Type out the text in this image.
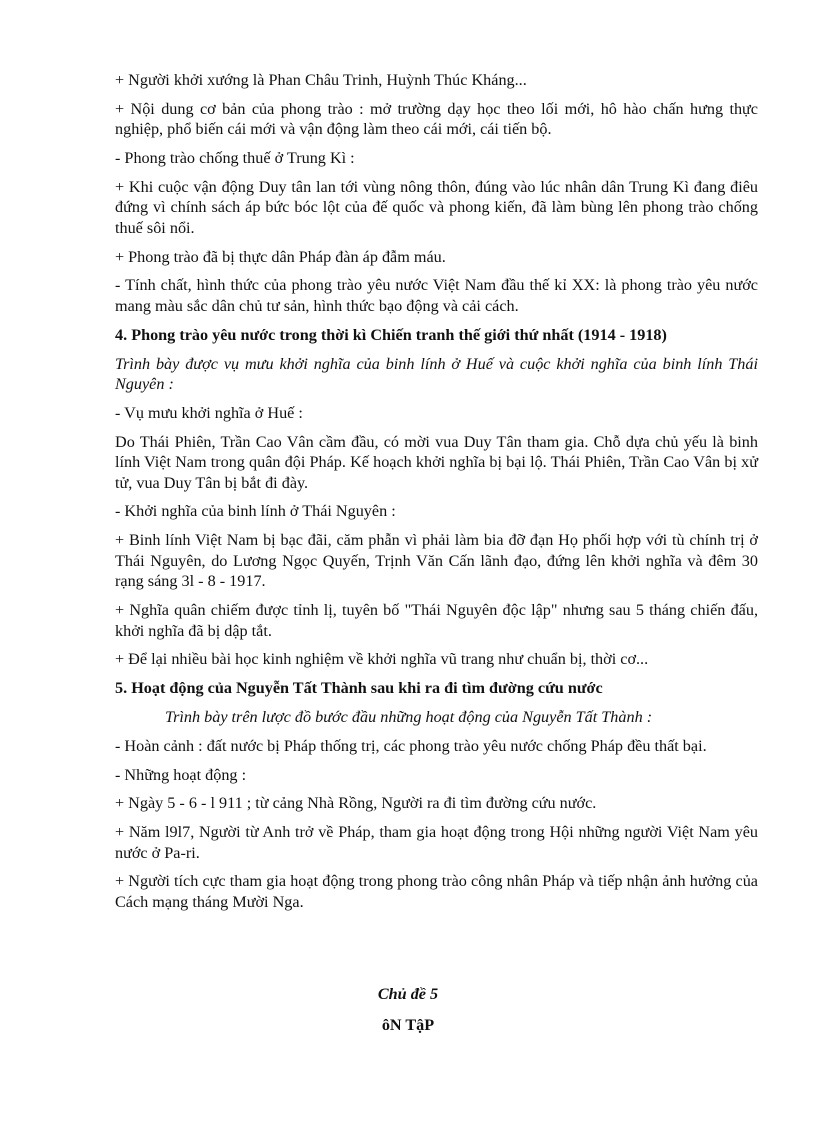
+ Người khởi xướng là Phan Châu Trinh, Huỳnh Thúc Kháng...

+ Nội dung cơ bản của phong trào : mở trường dạy học theo lối mới, hô hào chấn hưng thực nghiệp, phổ biến cái mới và vận động làm theo cái mới, cái tiến bộ.

- Phong trào chống thuế ở Trung Kì :

+ Khi cuộc vận động Duy tân lan tới vùng nông thôn, đúng vào lúc nhân dân Trung Kì đang điêu đứng vì chính sách áp bức bóc lột của đế quốc và phong kiến, đã làm bùng lên phong trào chống thuế sôi nổi.

+ Phong trào đã bị thực dân Pháp đàn áp đẫm máu.

- Tính chất, hình thức của phong trào yêu nước Việt Nam đầu thế kỉ XX: là phong trào yêu nước mang màu sắc dân chủ tư sản, hình thức bạo động và cải cách.

4. Phong trào yêu nước trong thời kì Chiến tranh thế giới thứ nhất (1914 - 1918)

Trình bày được vụ mưu khởi nghĩa của binh lính ở Huế và cuộc khởi nghĩa của binh lính Thái Nguyên :

- Vụ mưu khởi nghĩa ở Huế :

Do Thái Phiên, Trần Cao Vân cầm đầu, có mời vua Duy Tân tham gia. Chỗ dựa chủ yếu là binh lính Việt Nam trong quân đội Pháp. Kế hoạch khởi nghĩa bị bại lộ. Thái Phiên, Trần Cao Vân bị xử tử, vua Duy Tân bị bắt đi đày.

- Khởi nghĩa của binh lính ở Thái Nguyên :

+ Binh lính Việt Nam bị bạc đãi, căm phẫn vì phải làm bia đỡ đạn Họ phối hợp với tù chính trị ở Thái Nguyên, do Lương Ngọc Quyến, Trịnh Văn Cấn lãnh đạo, đứng lên khởi nghĩa và đêm 30 rạng sáng 3l - 8 - 1917.

+ Nghĩa quân chiếm được tỉnh lị, tuyên bố "Thái Nguyên độc lập" nhưng sau 5 tháng chiến đấu, khởi nghĩa đã bị dập tắt.

+ Để lại nhiều bài học kinh nghiệm về khởi nghĩa vũ trang như chuẩn bị, thời cơ...

5. Hoạt động của Nguyễn Tất Thành sau khi ra đi tìm đường cứu nước

Trình bày trên lược đồ bước đầu những hoạt động của Nguyễn Tất Thành :

- Hoàn cảnh : đất nước bị Pháp thống trị, các phong trào yêu nước chống Pháp đều thất bại.

- Những hoạt động :

+ Ngày 5 - 6 - l 911 ; từ cảng Nhà Rồng, Người ra đi tìm đường cứu nước.

+ Năm l9l7, Người từ Anh trở về Pháp, tham gia hoạt động trong Hội những người Việt Nam yêu nước ở Pa-ri.

+ Người tích cực tham gia hoạt động trong phong trào công nhân Pháp và tiếp nhận ảnh hưởng của Cách mạng tháng Mười Nga.

Chủ đề 5
ôN TậP
